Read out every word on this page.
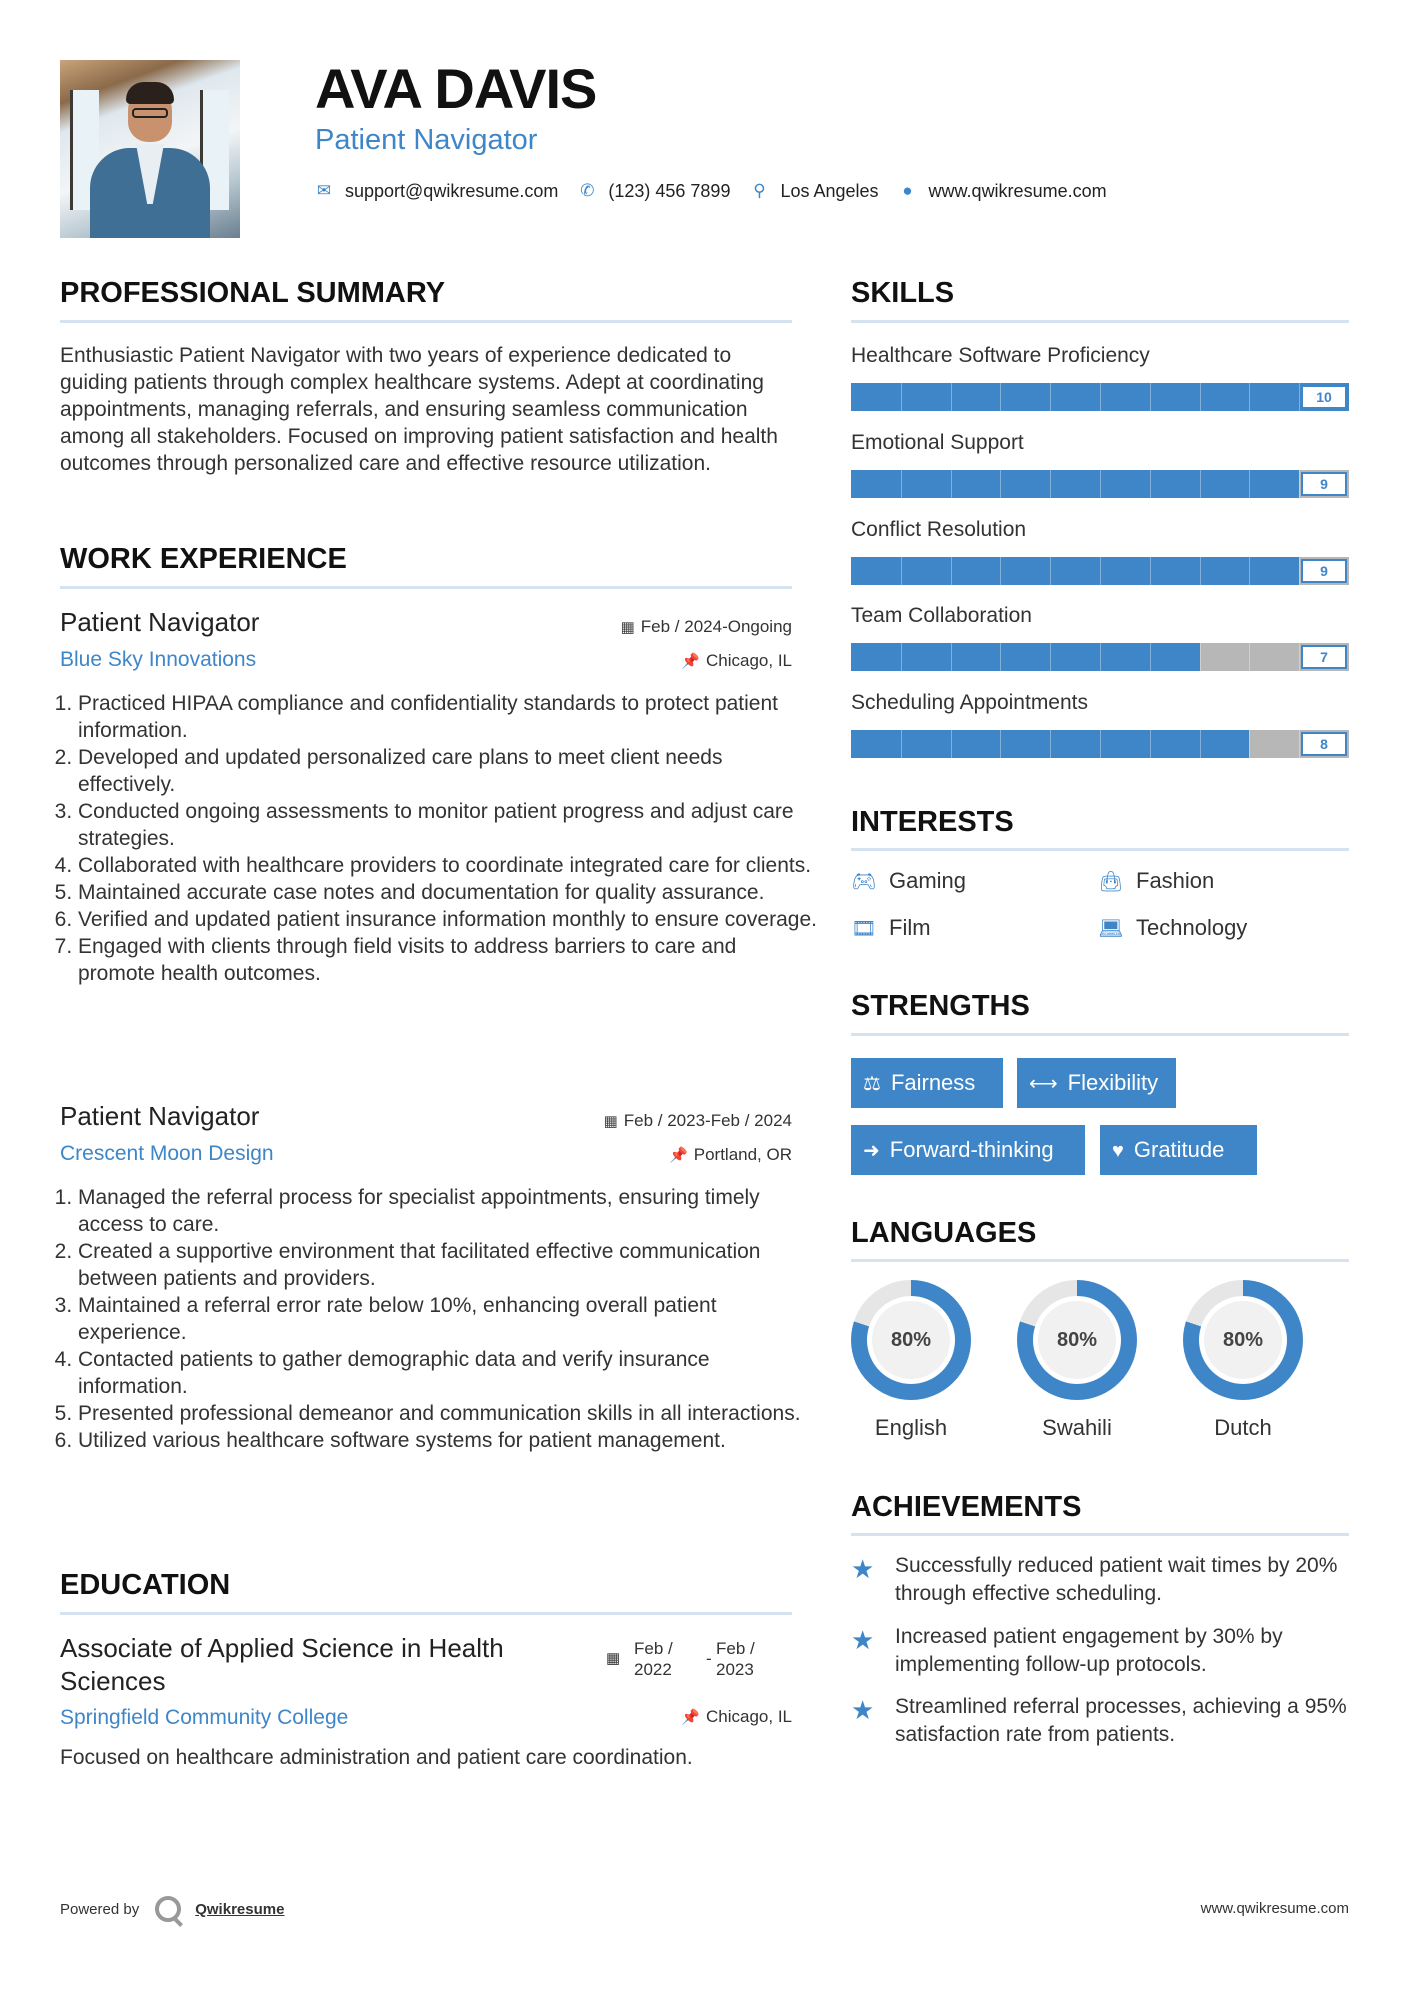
AVA DAVIS
Patient Navigator
✉ support@qwikresume.com ✆ (123) 456 7899 ⚲ Los Angeles ● www.qwikresume.com
PROFESSIONAL SUMMARY

Enthusiastic Patient Navigator with two years of experience dedicated to guiding patients through complex healthcare systems. Adept at coordinating appointments, managing referrals, and ensuring seamless communication among all stakeholders. Focused on improving patient satisfaction and health outcomes through personalized care and effective resource utilization.

WORK EXPERIENCE
Patient Navigator	▦ Feb / 2024-Ongoing
Blue Sky Innovations	📌 Chicago, IL
1. Practiced HIPAA compliance and confidentiality standards to protect patient information.
2. Developed and updated personalized care plans to meet client needs effectively.
3. Conducted ongoing assessments to monitor patient progress and adjust care strategies.
4. Collaborated with healthcare providers to coordinate integrated care for clients.
5. Maintained accurate case notes and documentation for quality assurance.
6. Verified and updated patient insurance information monthly to ensure coverage.
7. Engaged with clients through field visits to address barriers to care and promote health outcomes.
Patient Navigator	▦ Feb / 2023-Feb / 2024
Crescent Moon Design	📌 Portland, OR
1. Managed the referral process for specialist appointments, ensuring timely access to care.
2. Created a supportive environment that facilitated effective communication between patients and providers.
3. Maintained a referral error rate below 10%, enhancing overall patient experience.
4. Contacted patients to gather demographic data and verify insurance information.
5. Presented professional demeanor and communication skills in all interactions.
6. Utilized various healthcare software systems for patient management.
EDUCATION
Associate of Applied Science in Health Sciences
▦
Feb /
2022
-
Feb /
2023
Springfield Community College	📌 Chicago, IL
Focused on healthcare administration and patient care coordination.
SKILLS
Healthcare Software Proficiency
10
Emotional Support
9
Conflict Resolution
9
Team Collaboration
7
Scheduling Appointments
8
INTERESTS
🎮︎ Gaming	👜︎ Fashion
🎞︎ Film	💻︎ Technology
STRENGTHS
⚖ Fairness	⟷ Flexibility
➜ Forward-thinking	♥ Gratitude
LANGUAGES
80%
English
80%
Swahili
80%
Dutch
ACHIEVEMENTS
★ Successfully reduced patient wait times by 20% through effective scheduling.
★ Increased patient engagement by 30% by implementing follow-up protocols.
★ Streamlined referral processes, achieving a 95% satisfaction rate from patients.
Powered by	Qwikresume	www.qwikresume.com
